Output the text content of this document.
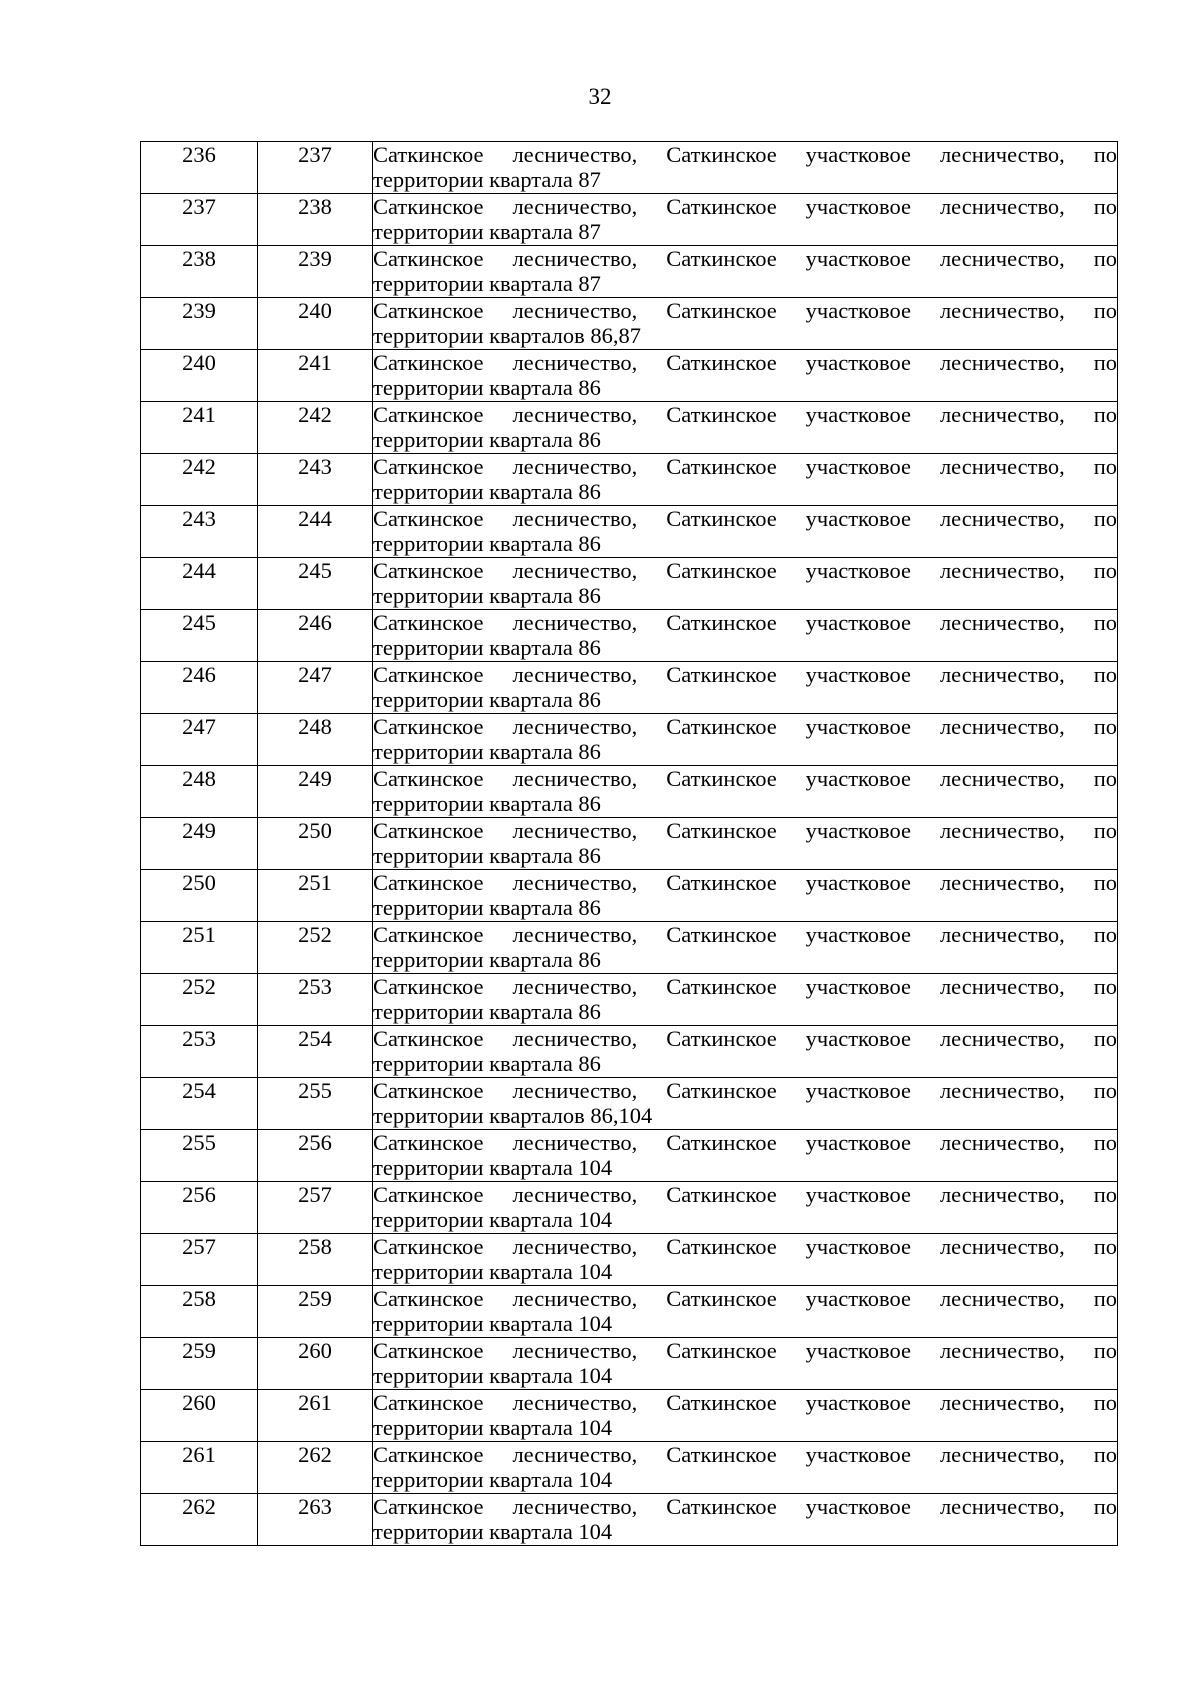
32
236	237	Саткинское лесничество, Саткинское участковое лесничество, по
территории квартала 87

237	238	Саткинское лесничество, Саткинское участковое лесничество, по
территории квартала 87

238	239	Саткинское лесничество, Саткинское участковое лесничество, по
территории квартала 87

239	240	Саткинское лесничество, Саткинское участковое лесничество, по
территории кварталов 86,87

240	241	Саткинское лесничество, Саткинское участковое лесничество, по
территории квартала 86

241	242	Саткинское лесничество, Саткинское участковое лесничество, по
территории квартала 86

242	243	Саткинское лесничество, Саткинское участковое лесничество, по
территории квартала 86

243	244	Саткинское лесничество, Саткинское участковое лесничество, по
территории квартала 86

244	245	Саткинское лесничество, Саткинское участковое лесничество, по
территории квартала 86

245	246	Саткинское лесничество, Саткинское участковое лесничество, по
территории квартала 86

246	247	Саткинское лесничество, Саткинское участковое лесничество, по
территории квартала 86

247	248	Саткинское лесничество, Саткинское участковое лесничество, по
территории квартала 86

248	249	Саткинское лесничество, Саткинское участковое лесничество, по
территории квартала 86

249	250	Саткинское лесничество, Саткинское участковое лесничество, по
территории квартала 86

250	251	Саткинское лесничество, Саткинское участковое лесничество, по
территории квартала 86

251	252	Саткинское лесничество, Саткинское участковое лесничество, по
территории квартала 86

252	253	Саткинское лесничество, Саткинское участковое лесничество, по
территории квартала 86

253	254	Саткинское лесничество, Саткинское участковое лесничество, по
территории квартала 86

254	255	Саткинское лесничество, Саткинское участковое лесничество, по
территории кварталов 86,104

255	256	Саткинское лесничество, Саткинское участковое лесничество, по
территории квартала 104

256	257	Саткинское лесничество, Саткинское участковое лесничество, по
территории квартала 104

257	258	Саткинское лесничество, Саткинское участковое лесничество, по
территории квартала 104

258	259	Саткинское лесничество, Саткинское участковое лесничество, по
территории квартала 104

259	260	Саткинское лесничество, Саткинское участковое лесничество, по
территории квартала 104

260	261	Саткинское лесничество, Саткинское участковое лесничество, по
территории квартала 104

261	262	Саткинское лесничество, Саткинское участковое лесничество, по
территории квартала 104

262	263	Саткинское лесничество, Саткинское участковое лесничество, по
территории квартала 104
